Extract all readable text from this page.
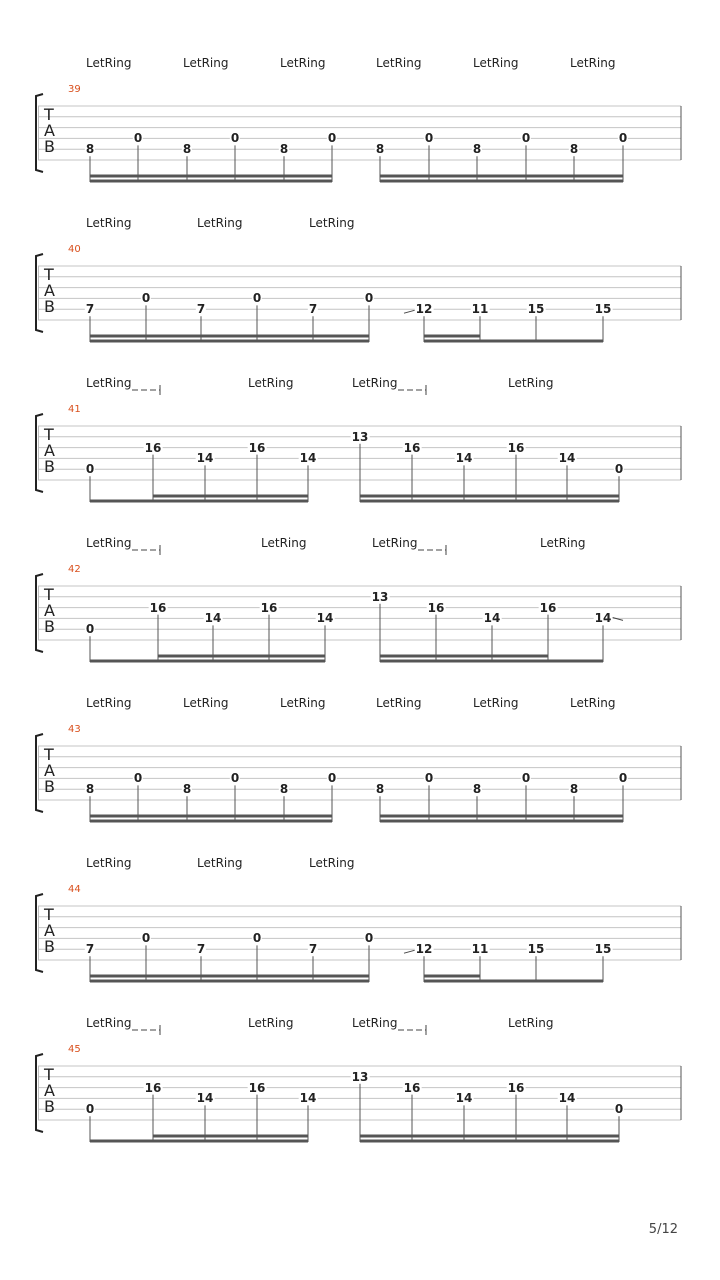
T
A
B
39
LetRing	LetRing	LetRing	LetRing	LetRing	LetRing
8
0
8
0
8
0
8
0
8
0
8
0
T
A
B
40
LetRing	LetRing	LetRing
7
0
7
0
7
0
12	11	15	15
T
A
B
41
LetRing	LetRing	LetRing	LetRing
0
16
14
16
14
13
16
14
16
14
0
T
A
B
42
LetRing	LetRing	LetRing	LetRing
0
16
14
16
14
13
16
14
16
14
T
A
B
43
LetRing	LetRing	LetRing	LetRing	LetRing	LetRing
8
0
8
0
8
0
8
0
8
0
8
0
T
A
B
44
LetRing	LetRing	LetRing
7
0
7
0
7
0
12	11	15	15
T
A
B
45
LetRing	LetRing	LetRing	LetRing
0
16
14
16
14
13
16
14
16
14
0
5/12
